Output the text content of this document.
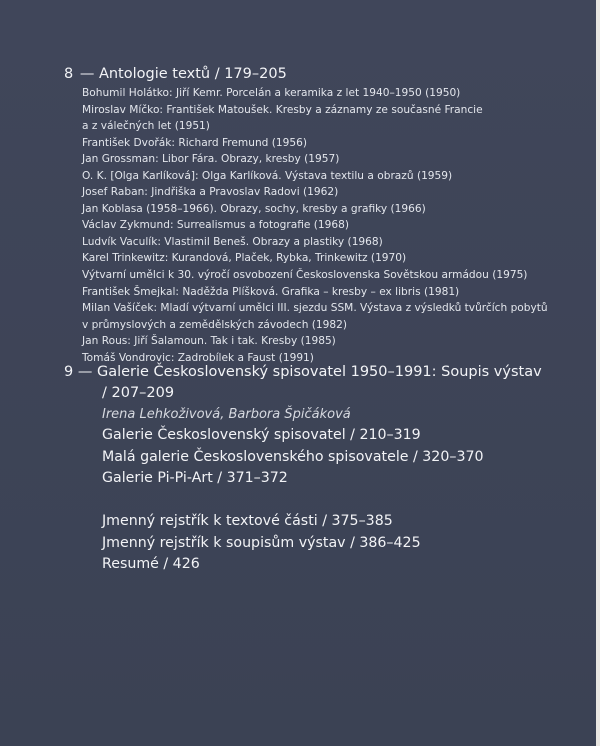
8 — Antologie textů / 179–205
Bohumil Holátko: Jiří Kemr. Porcelán a keramika z let 1940–1950 (1950)
Miroslav Míčko: František Matoušek. Kresby a záznamy ze současné Francie
a z válečných let (1951)
František Dvořák: Richard Fremund (1956)
Jan Grossman: Libor Fára. Obrazy, kresby (1957)
O. K. [Olga Karlíková]: Olga Karlíková. Výstava textilu a obrazů (1959)
Josef Raban: Jindřiška a Pravoslav Radovi (1962)
Jan Koblasa (1958–1966). Obrazy, sochy, kresby a grafiky (1966)
Václav Zykmund: Surrealismus a fotografie (1968)
Ludvík Vaculík: Vlastimil Beneš. Obrazy a plastiky (1968)
Karel Trinkewitz: Kurandová, Plaček, Rybka, Trinkewitz (1970)
Výtvarní umělci k 30. výročí osvobození Československa Sovětskou armádou (1975)
František Šmejkal: Naděžda Plíšková. Grafika – kresby – ex libris (1981)
Milan Vašíček: Mladí výtvarní umělci III. sjezdu SSM. Výstava z výsledků tvůrčích pobytů
v průmyslových a zemědělských závodech (1982)
Jan Rous: Jiří Šalamoun. Tak i tak. Kresby (1985)
Tomáš Vondrovic: Zadrobílek a Faust (1991)
9 — Galerie Československý spisovatel 1950–1991: Soupis výstav
/ 207–209
Irena Lehkoživová, Barbora Špičáková
Galerie Československý spisovatel / 210–319
Malá galerie Československého spisovatele / 320–370
Galerie Pi-Pi-Art / 371–372
Jmenný rejstřík k textové části / 375–385
Jmenný rejstřík k soupisům výstav / 386–425
Resumé / 426
